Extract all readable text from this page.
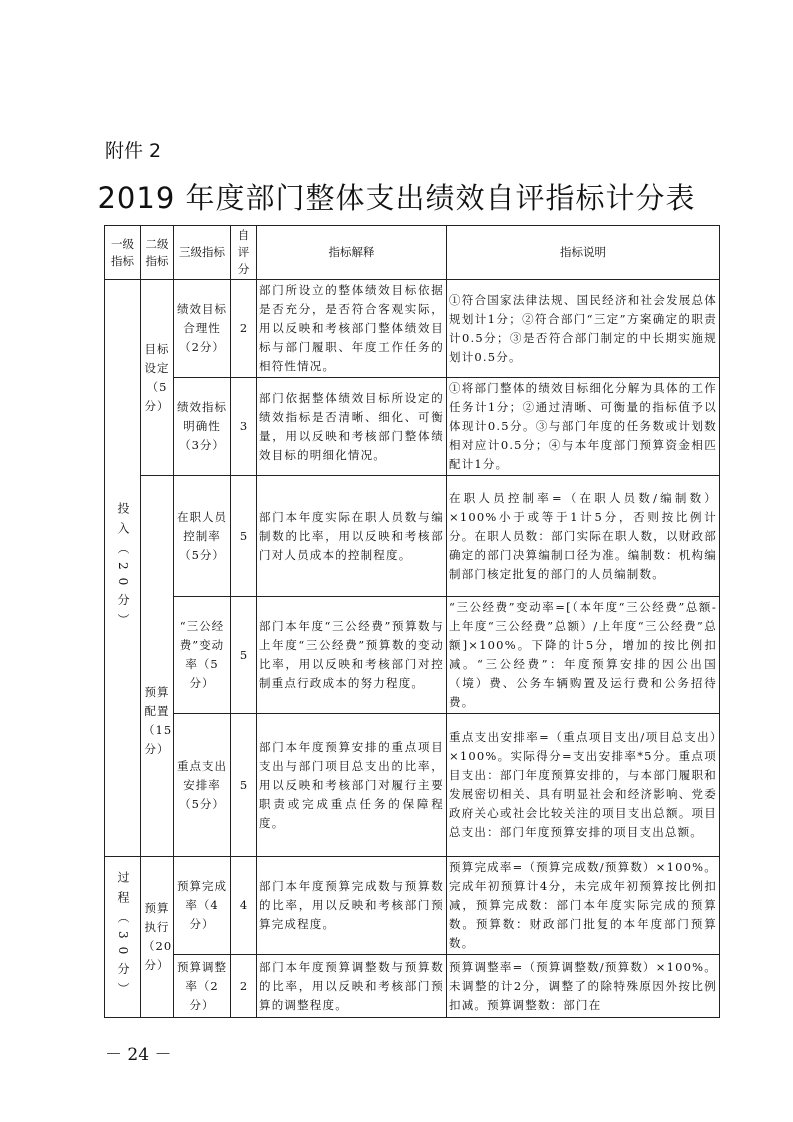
附件 2
2019 年度部门整体支出绩效自评指标计分表
一级指标	二级指标	三级指标	自评分	指标解释	指标说明

投入（20分）	目标设定（5分）	绩效目标合理性（2分）	2	部门所设立的整体绩效目标依据是否充分，是否符合客观实际，用以反映和考核部门整体绩效目标与部门履职、年度工作任务的相符性情况。	①符合国家法律法规、国民经济和社会发展总体规划计1分；②符合部门“三定”方案确定的职责计0.5分；③是否符合部门制定的中长期实施规划计0.5分。
		绩效指标明确性（3分）	3	部门依据整体绩效目标所设定的绩效指标是否清晰、细化、可衡量，用以反映和考核部门整体绩效目标的明细化情况。	①将部门整体的绩效目标细化分解为具体的工作任务计1分；②通过清晰、可衡量的指标值予以体现计0.5分。③与部门年度的任务数或计划数相对应计0.5分；④与本年度部门预算资金相匹配计1分。
	预算配置（15分）	在职人员控制率（5分）	5	部门本年度实际在职人员数与编制数的比率，用以反映和考核部门对人员成本的控制程度。	在职人员控制率=（在职人员数/编制数）×100%小于或等于1计5分，否则按比例计分。在职人员数：部门实际在职人数，以财政部确定的部门决算编制口径为准。编制数：机构编制部门核定批复的部门的人员编制数。
		“三公经费”变动率（5分）	5	部门本年度“三公经费”预算数与上年度“三公经费”预算数的变动比率，用以反映和考核部门对控制重点行政成本的努力程度。	“三公经费”变动率=[（本年度“三公经费”总额-上年度“三公经费”总额）/上年度“三公经费”总额]×100%。下降的计5分，增加的按比例扣减。“三公经费”：年度预算安排的因公出国（境）费、公务车辆购置及运行费和公务招待费。
		重点支出安排率（5分）	5	部门本年度预算安排的重点项目支出与部门项目总支出的比率，用以反映和考核部门对履行主要职责或完成重点任务的保障程度。	重点支出安排率=（重点项目支出/项目总支出）×100%。实际得分=支出安排率*5分。重点项目支出：部门年度预算安排的，与本部门履职和发展密切相关、具有明显社会和经济影响、党委政府关心或社会比较关注的项目支出总额。项目总支出：部门年度预算安排的项目支出总额。

过程（30分）	预算执行（20分）	预算完成率（4分）	4	部门本年度预算完成数与预算数的比率，用以反映和考核部门预算完成程度。	预算完成率=（预算完成数/预算数）×100%。完成年初预算计4分，未完成年初预算按比例扣减，预算完成数：部门本年度实际完成的预算数。预算数：财政部门批复的本年度部门预算数。
		预算调整率（2分）	2	部门本年度预算调整数与预算数的比率，用以反映和考核部门预算的调整程度。	预算调整率=（预算调整数/预算数）×100%。未调整的计2分，调整了的除特殊原因外按比例扣减。预算调整数：部门在
－ 24 －
